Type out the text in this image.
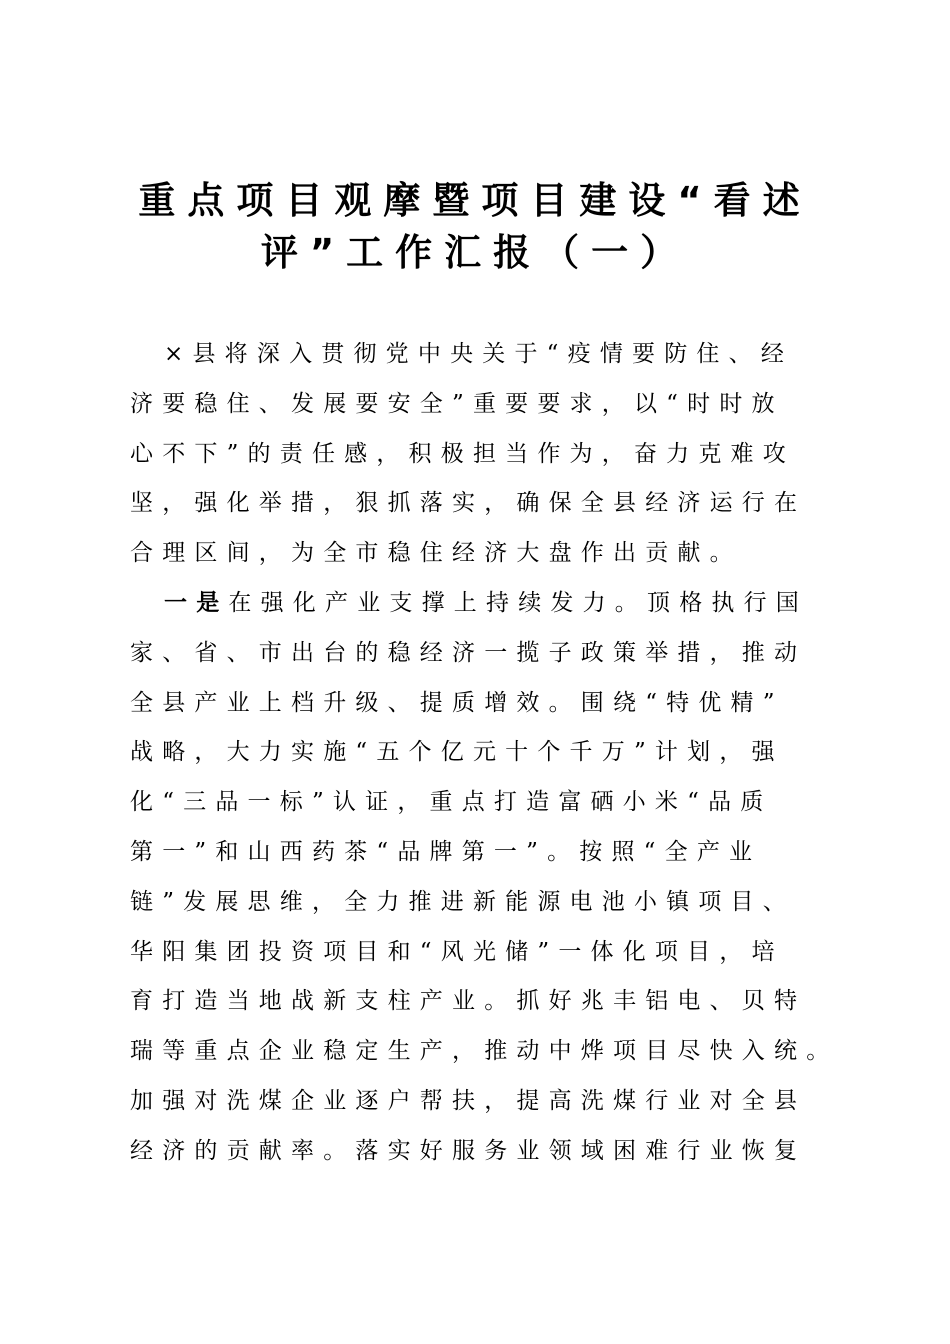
重点项目观摩暨项目建设“看述
评”工作汇报（一）
×县将深入贯彻党中央关于“疫情要防住、经
济要稳住、发展要安全”重要要求，以“时时放
心不下”的责任感，积极担当作为，奋力克难攻
坚，强化举措，狠抓落实，确保全县经济运行在
合理区间，为全市稳住经济大盘作出贡献。
一是在强化产业支撑上持续发力。顶格执行国
家、省、市出台的稳经济一揽子政策举措，推动
全县产业上档升级、提质增效。围绕“特优精”
战略，大力实施“五个亿元十个千万”计划，强
化“三品一标”认证，重点打造富硒小米“品质
第一”和山西药茶“品牌第一”。按照“全产业
链”发展思维，全力推进新能源电池小镇项目、
华阳集团投资项目和“风光储”一体化项目，培
育打造当地战新支柱产业。抓好兆丰铝电、贝特
瑞等重点企业稳定生产，推动中烨项目尽快入统。
加强对洗煤企业逐户帮扶，提高洗煤行业对全县
经济的贡献率。落实好服务业领域困难行业恢复
